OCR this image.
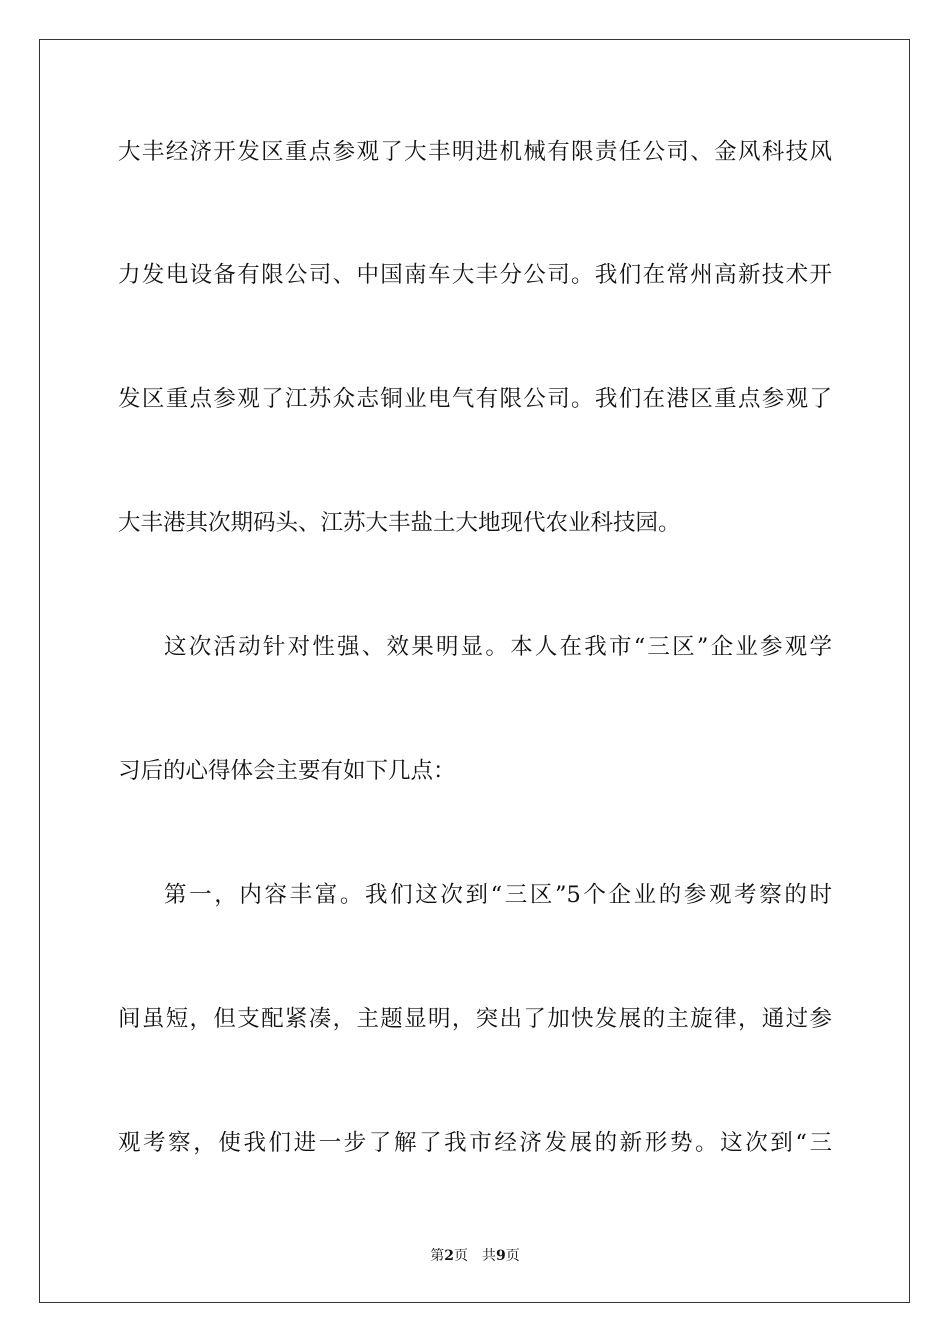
大丰经济开发区重点参观了大丰明进机械有限责任公司、金风科技风
力发电设备有限公司、中国南车大丰分公司。我们在常州高新技术开
发区重点参观了江苏众志铜业电气有限公司。我们在港区重点参观了
大丰港其次期码头、江苏大丰盐土大地现代农业科技园。
这次活动针对性强、效果明显。本人在我市“三区”企业参观学
习后的心得体会主要有如下几点：
第一，内容丰富。我们这次到“三区”5个企业的参观考察的时
间虽短，但支配紧凑，主题显明，突出了加快发展的主旋律，通过参
观考察，使我们进一步了解了我市经济发展的新形势。这次到“三
第2页 共9页
